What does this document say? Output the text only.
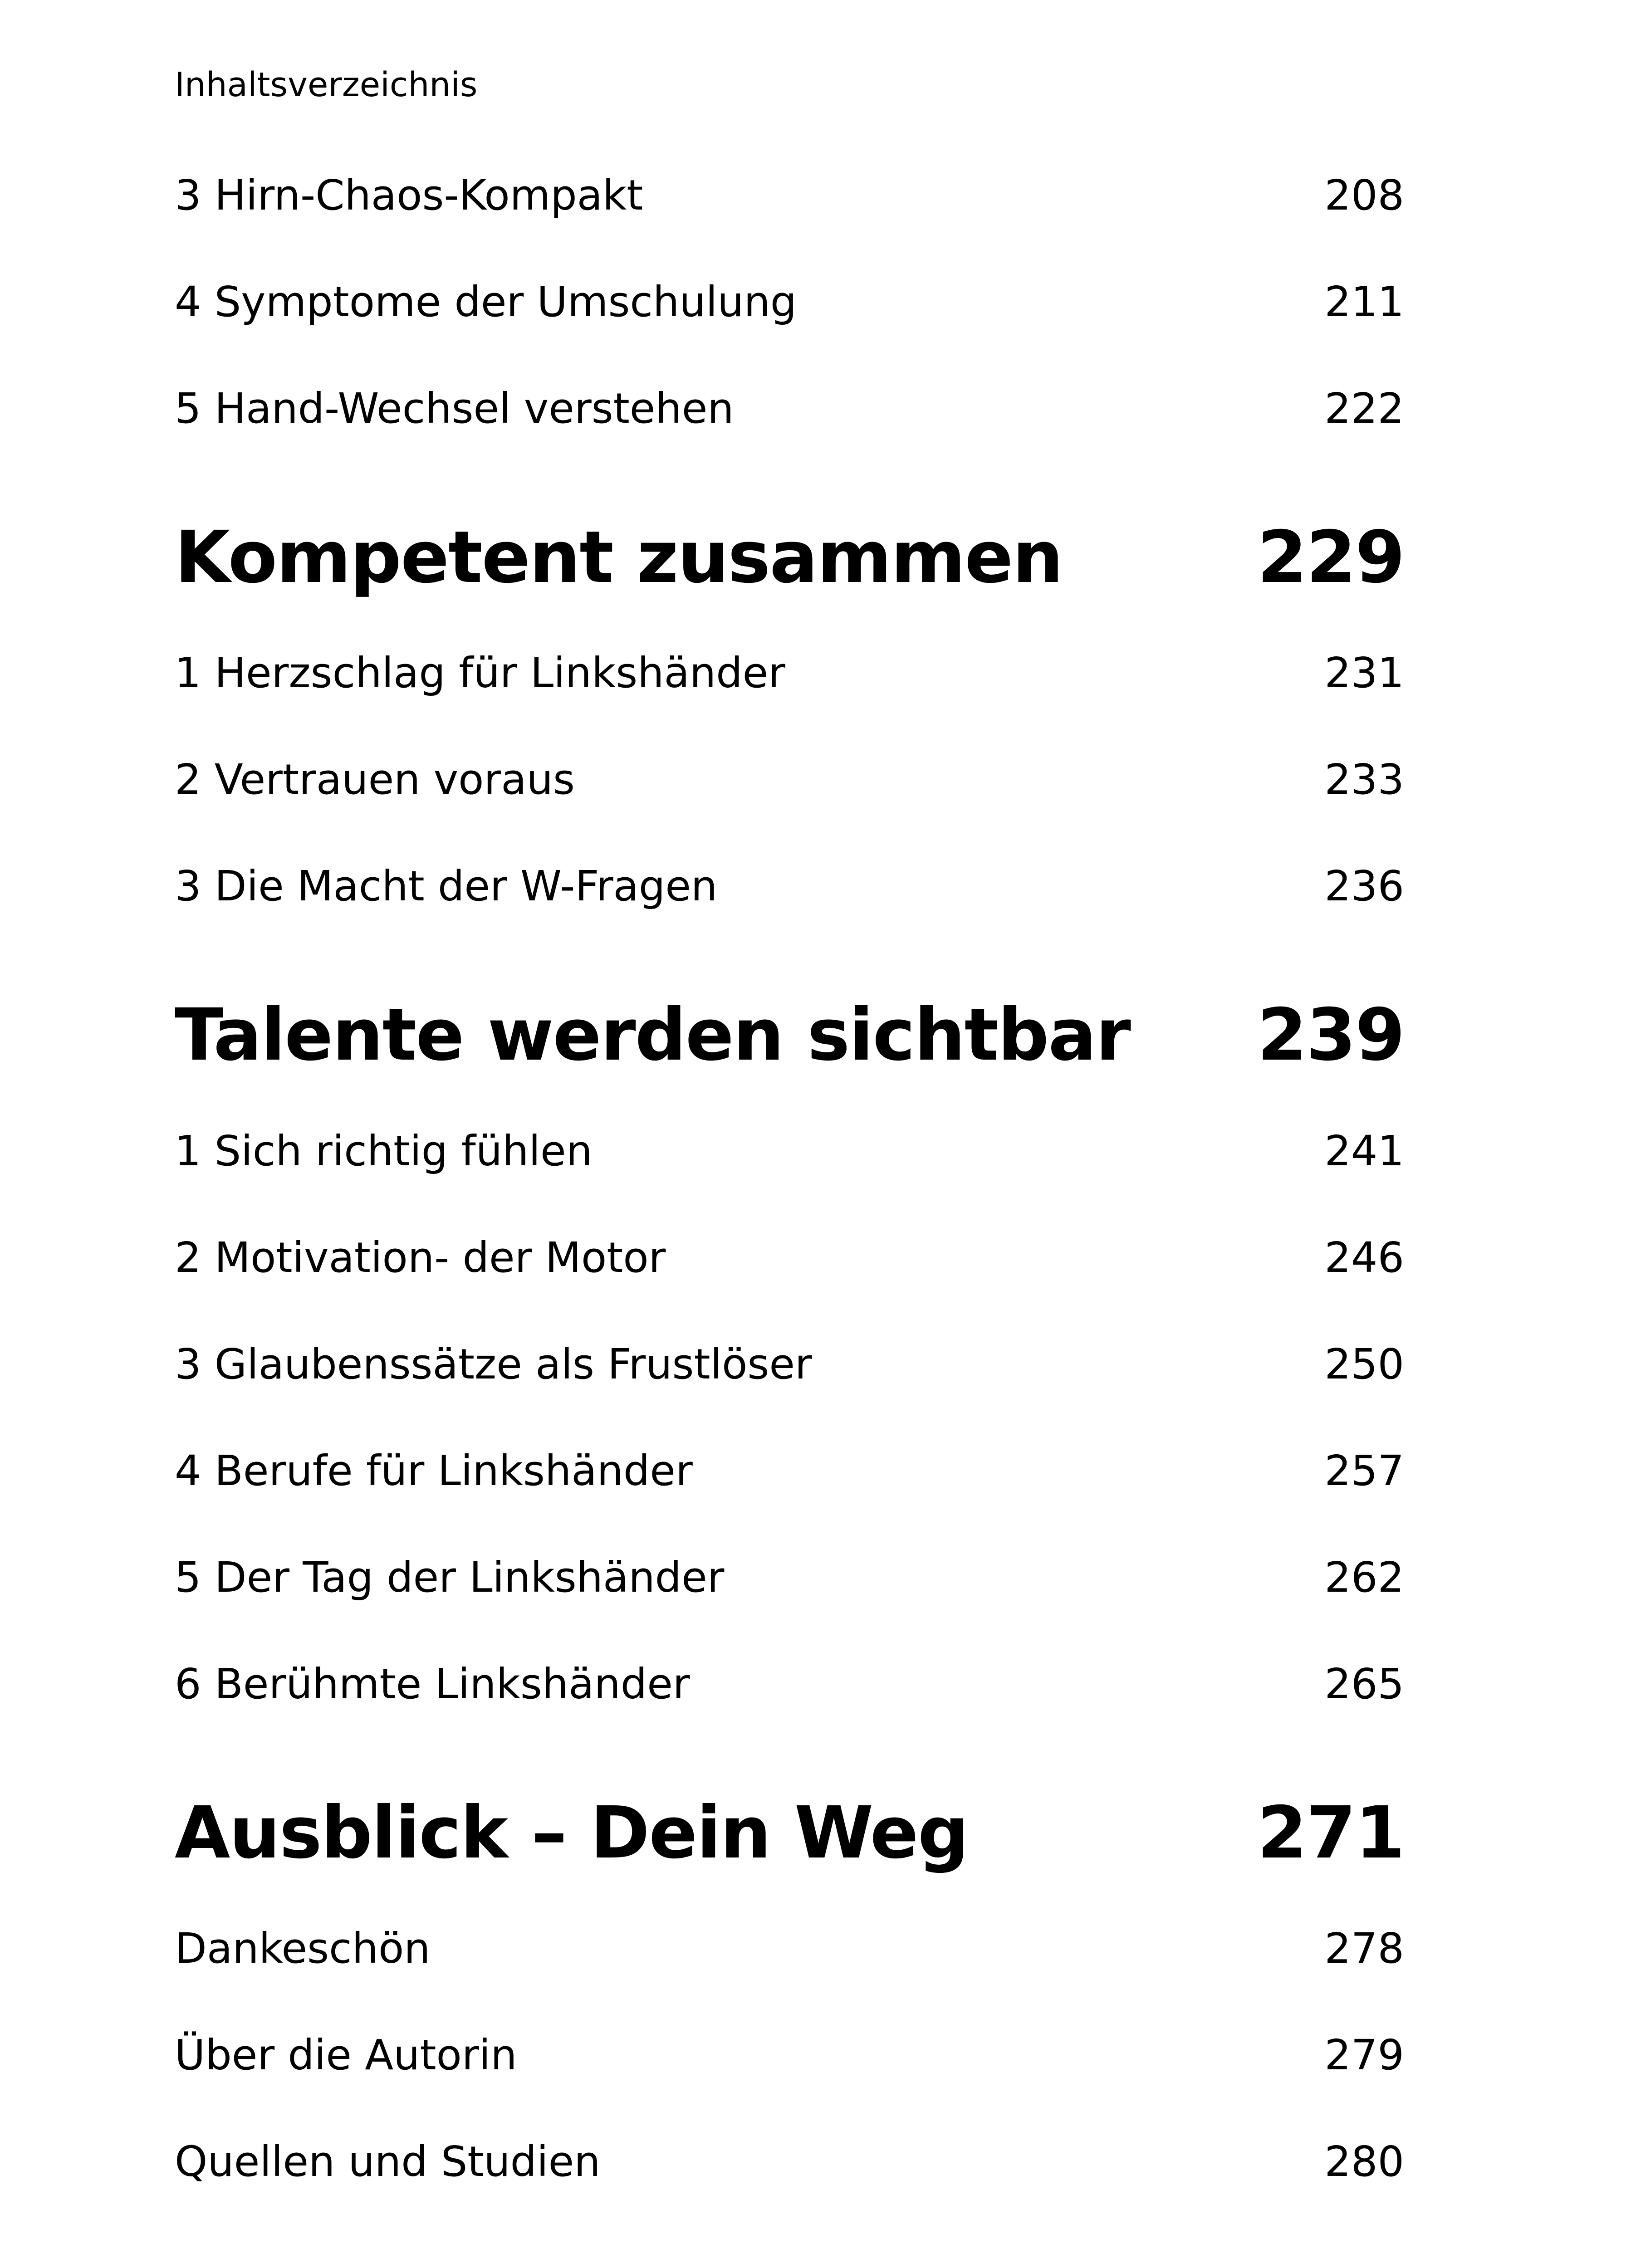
Inhaltsverzeichnis
3 Hirn-Chaos-Kompakt	208
4 Symptome der Umschulung	211
5 Hand-Wechsel verstehen	222
Kompetent zusammen	229
1 Herzschlag für Linkshänder	231
2 Vertrauen voraus	233
3 Die Macht der W-Fragen	236
Talente werden sichtbar 239
1 Sich richtig fühlen	241
2 Motivation- der Motor	246
3 Glaubenssätze als Frustlöser	250
4 Berufe für Linkshänder	257
5 Der Tag der Linkshänder	262
6 Berühmte Linkshänder	265
Ausblick – Dein Weg	271
Dankeschön	278
Über die Autorin	279
Quellen und Studien	280
